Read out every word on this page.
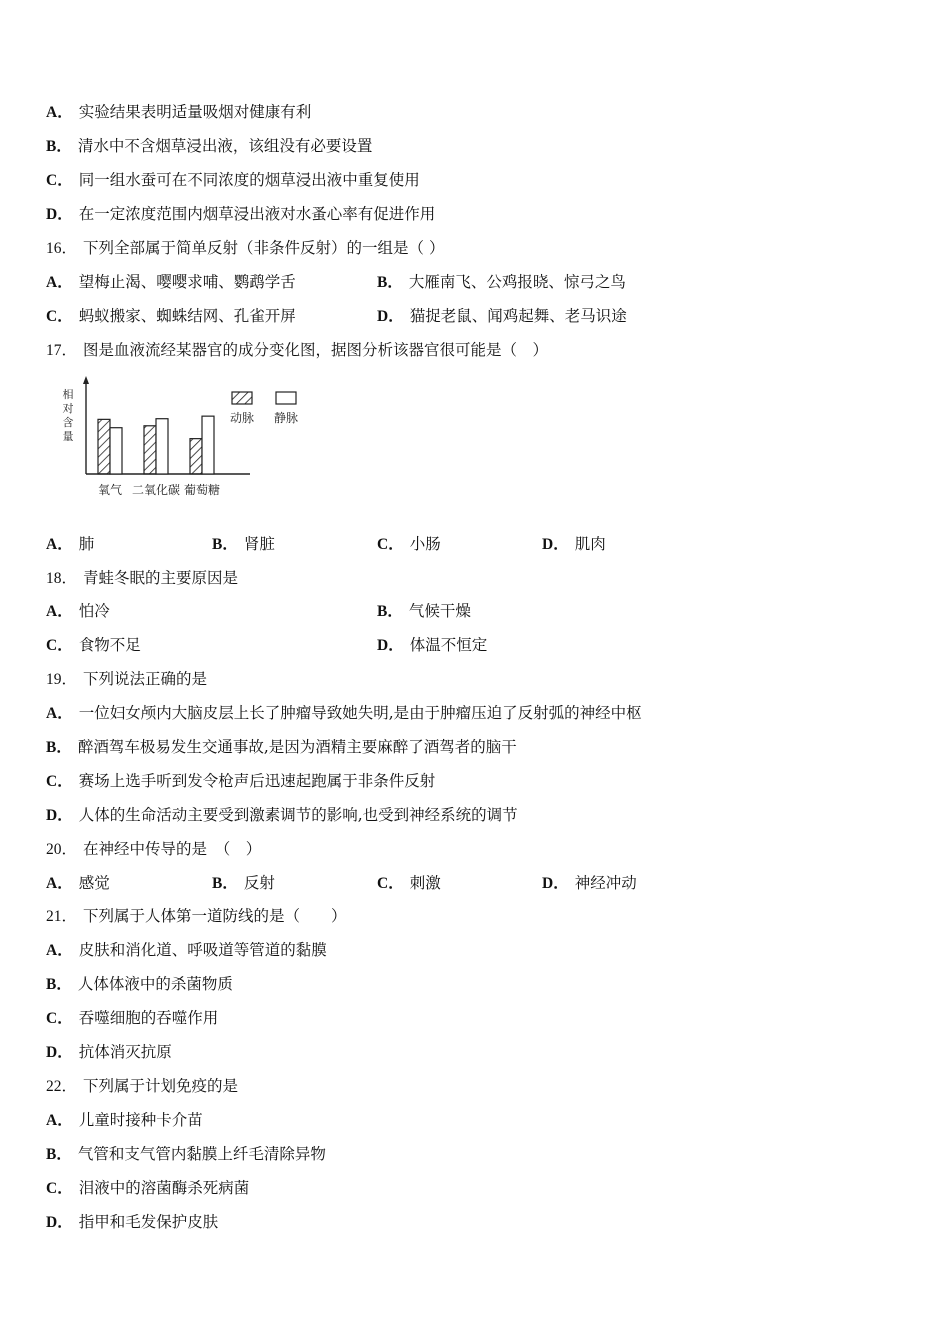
A． 实验结果表明适量吸烟对健康有利
B． 清水中不含烟草浸出液，该组没有必要设置
C． 同一组水蚕可在不同浓度的烟草浸出液中重复使用
D． 在一定浓度范围内烟草浸出液对水蚤心率有促进作用
16． 下列全部属于简单反射（非条件反射）的一组是（ ）
A． 望梅止渴、嘤嘤求哺、鹦鹉学舌	B． 大雁南飞、公鸡报晓、惊弓之鸟
C． 蚂蚁搬家、蜘蛛结网、孔雀开屏	D． 猫捉老鼠、闻鸡起舞、老马识途
17． 图是血液流经某器官的成分变化图，据图分析该器官很可能是（　）
相
对
含
量
氧气 二氧化碳 葡萄糖
动脉 静脉
A． 肺	B． 肾脏	C． 小肠	D． 肌肉
18． 青蛙冬眠的主要原因是
A． 怕冷	B． 气候干燥
C． 食物不足	D． 体温不恒定
19． 下列说法正确的是
A． 一位妇女颅内大脑皮层上长了肿瘤导致她失明,是由于肿瘤压迫了反射弧的神经中枢
B． 醉酒驾车极易发生交通事故,是因为酒精主要麻醉了酒驾者的脑干
C． 赛场上选手听到发令枪声后迅速起跑属于非条件反射
D． 人体的生命活动主要受到激素调节的影响,也受到神经系统的调节
20． 在神经中传导的是　（　）
A． 感觉	B． 反射	C． 刺激	D． 神经冲动
21． 下列属于人体第一道防线的是（　　）
A． 皮肤和消化道、呼吸道等管道的黏膜
B． 人体体液中的杀菌物质
C． 吞噬细胞的吞噬作用
D． 抗体消灭抗原
22． 下列属于计划免疫的是
A． 儿童时接种卡介苗
B． 气管和支气管内黏膜上纤毛清除异物
C． 泪液中的溶菌酶杀死病菌
D． 指甲和毛发保护皮肤
